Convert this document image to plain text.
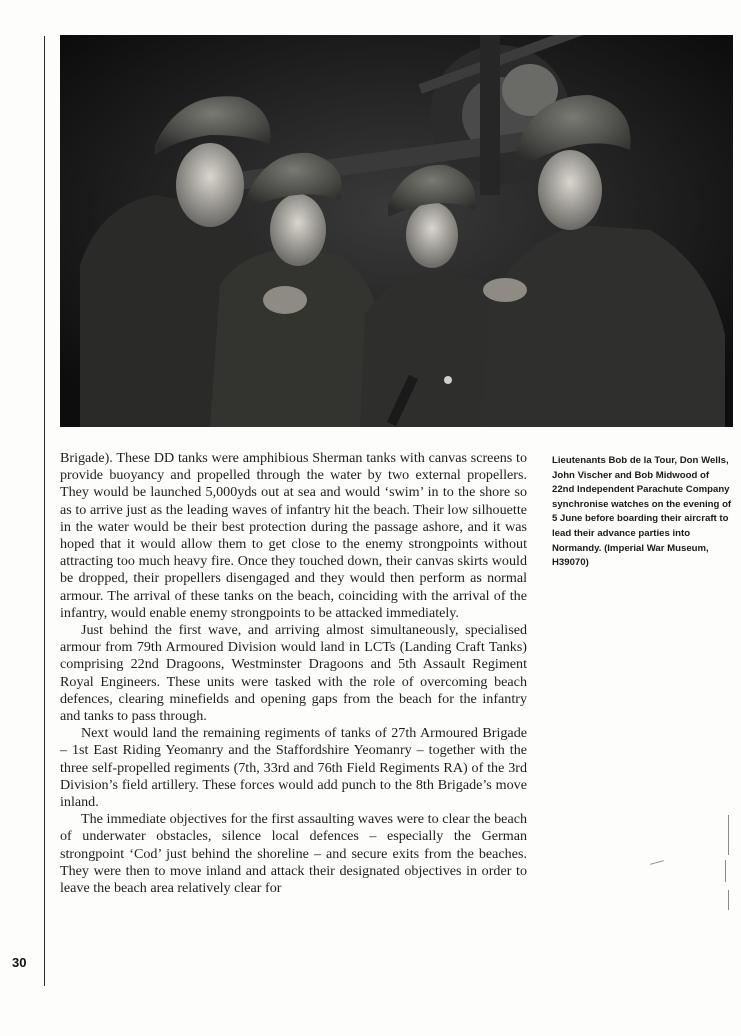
Brigade). These DD tanks were amphibious Sherman tanks with canvas screens to provide buoyancy and propelled through the water by two external propellers. They would be launched 5,000yds out at sea and would ‘swim’ in to the shore so as to arrive just as the leading waves of infantry hit the beach. Their low silhouette in the water would be their best protection during the passage ashore, and it was hoped that it would allow them to get close to the enemy strongpoints without attracting too much heavy fire. Once they touched down, their canvas skirts would be dropped, their propellers disengaged and they would then perform as normal armour. The arrival of these tanks on the beach, coinciding with the arrival of the infantry, would enable enemy strongpoints to be attacked immediately.

Just behind the first wave, and arriving almost simultaneously, specialised armour from 79th Armoured Division would land in LCTs (Landing Craft Tanks) comprising 22nd Dragoons, Westminster Dragoons and 5th Assault Regiment Royal Engineers. These units were tasked with the role of overcoming beach defences, clearing minefields and opening gaps from the beach for the infantry and tanks to pass through.

Next would land the remaining regiments of tanks of 27th Armoured Brigade – 1st East Riding Yeomanry and the Staffordshire Yeomanry – together with the three self-propelled regiments (7th, 33rd and 76th Field Regiments RA) of the 3rd Division’s field artillery. These forces would add punch to the 8th Brigade’s move inland.

The immediate objectives for the first assaulting waves were to clear the beach of underwater obstacles, silence local defences – especially the German strongpoint ‘Cod’ just behind the shoreline – and secure exits from the beaches. They were then to move inland and attack their designated objectives in order to leave the beach area relatively clear for

Lieutenants Bob de la Tour, Don Wells, John Vischer and Bob Midwood of 22nd Independent Parachute Company synchronise watches on the evening of 5 June before boarding their aircraft to lead their advance parties into Normandy. (Imperial War Museum, H39070)
30
